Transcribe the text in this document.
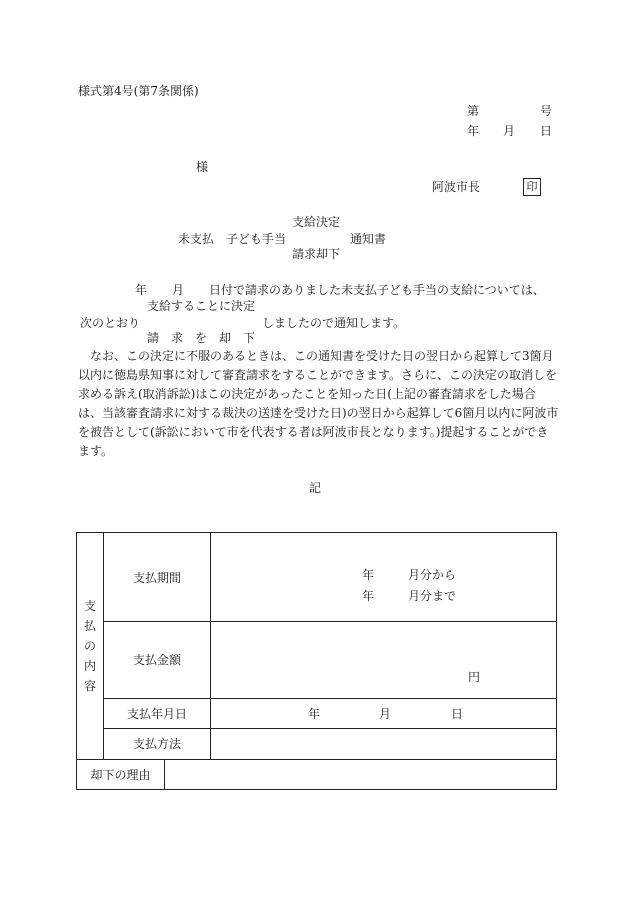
様式第4号(第7条関係)
第	号
年 月 日
様
阿波市長	印
支給決定
未支払　子ども手当	通知書
請求却下
年 月 日付で請求のありました未支払子ども手当の支給については、
支給することに決定
次のとおり	しましたので通知します。
請　求　を　却　下
　なお、この決定に不服のあるときは、この通知書を受けた日の翌日から起算して3箇月
以内に徳島県知事に対して審査請求をすることができます。さらに、この決定の取消しを
求める訴え(取消訴訟)はこの決定があったことを知った日(上記の審査請求をした場合
は、当該審査請求に対する裁決の送達を受けた日)の翌日から起算して6箇月以内に阿波市
を被告として(訴訟において市を代表する者は阿波市長となります。)提起することができ
ます。
記
支
払
の
内
容
支払期間	年	月分から
年	月分まで
支払金額
円
支払年月日	年	月	日
支払方法
却下の理由
